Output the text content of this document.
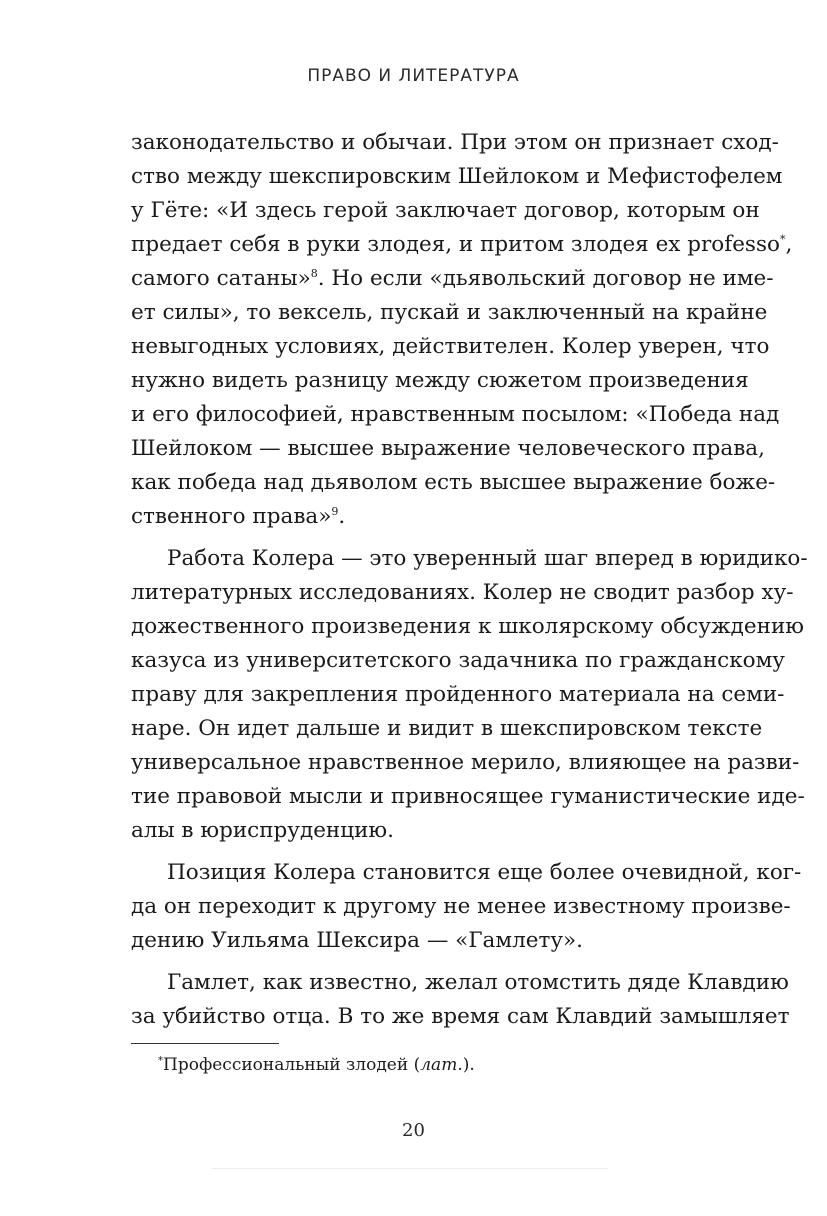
ПРАВО И ЛИТЕРАТУРА
законодательство и обычаи. При этом он признает сход-
ство между шекспировским Шейлоком и Мефистофелем
у Гёте: «И здесь герой заключает договор, которым он
предает себя в руки злодея, и притом злодея ex professo*,
самого сатаны»$^8$. Но если «дьявольский договор не име-
ет силы», то вексель, пускай и заключенный на крайне
невыгодных условиях, действителен. Колер уверен, что
нужно видеть разницу между сюжетом произведения
и его философией, нравственным посылом: «Победа над
Шейлоком — высшее выражение человеческого права,
как победа над дьяволом есть высшее выражение боже-
ственного права»$^9$.
Работа Колера — это уверенный шаг вперед в юридико-
литературных исследованиях. Колер не сводит разбор ху-
дожественного произведения к школярскому обсуждению
казуса из университетского задачника по гражданскому
праву для закрепления пройденного материала на семи-
наре. Он идет дальше и видит в шекспировском тексте
универсальное нравственное мерило, влияющее на разви-
тие правовой мысли и привносящее гуманистические иде-
алы в юриспруденцию.
Позиция Колера становится еще более очевидной, ког-
да он переходит к другому не менее известному произве-
дению Уильяма Шексира — «Гамлету».
Гамлет, как известно, желал отомстить дяде Клавдию
за убийство отца. В то же время сам Клавдий замышляет
*Профессиональный злодей (лат.).
20
